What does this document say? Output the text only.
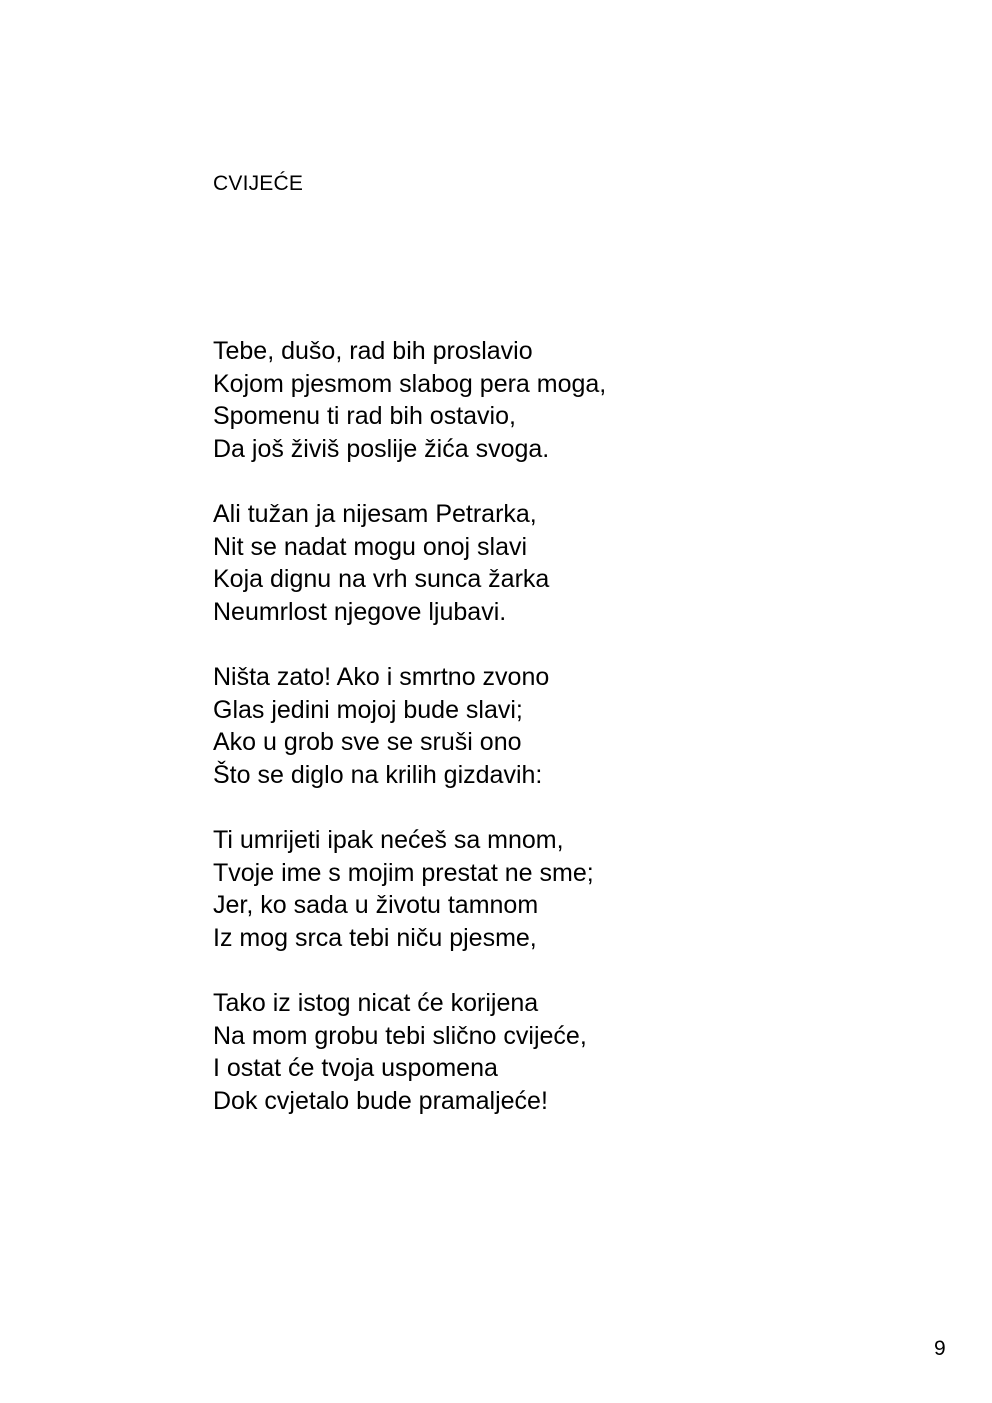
CVIJEĆE
Tebe, dušo, rad bih proslavio
Kojom pjesmom slabog pera moga,
Spomenu ti rad bih ostavio,
Da još živiš poslije žića svoga.
Ali tužan ja nijesam Petrarka,
Nit se nadat mogu onoj slavi
Koja dignu na vrh sunca žarka
Neumrlost njegove ljubavi.
Ništa zato! Ako i smrtno zvono
Glas jedini mojoj bude slavi;
Ako u grob sve se sruši ono
Što se diglo na krilih gizdavih:
Ti umrijeti ipak nećeš sa mnom,
Tvoje ime s mojim prestat ne sme;
Jer, ko sada u životu tamnom
Iz mog srca tebi niču pjesme,
Tako iz istog nicat će korijena
Na mom grobu tebi slično cvijeće,
I ostat će tvoja uspomena
Dok cvjetalo bude pramaljeće!
9
